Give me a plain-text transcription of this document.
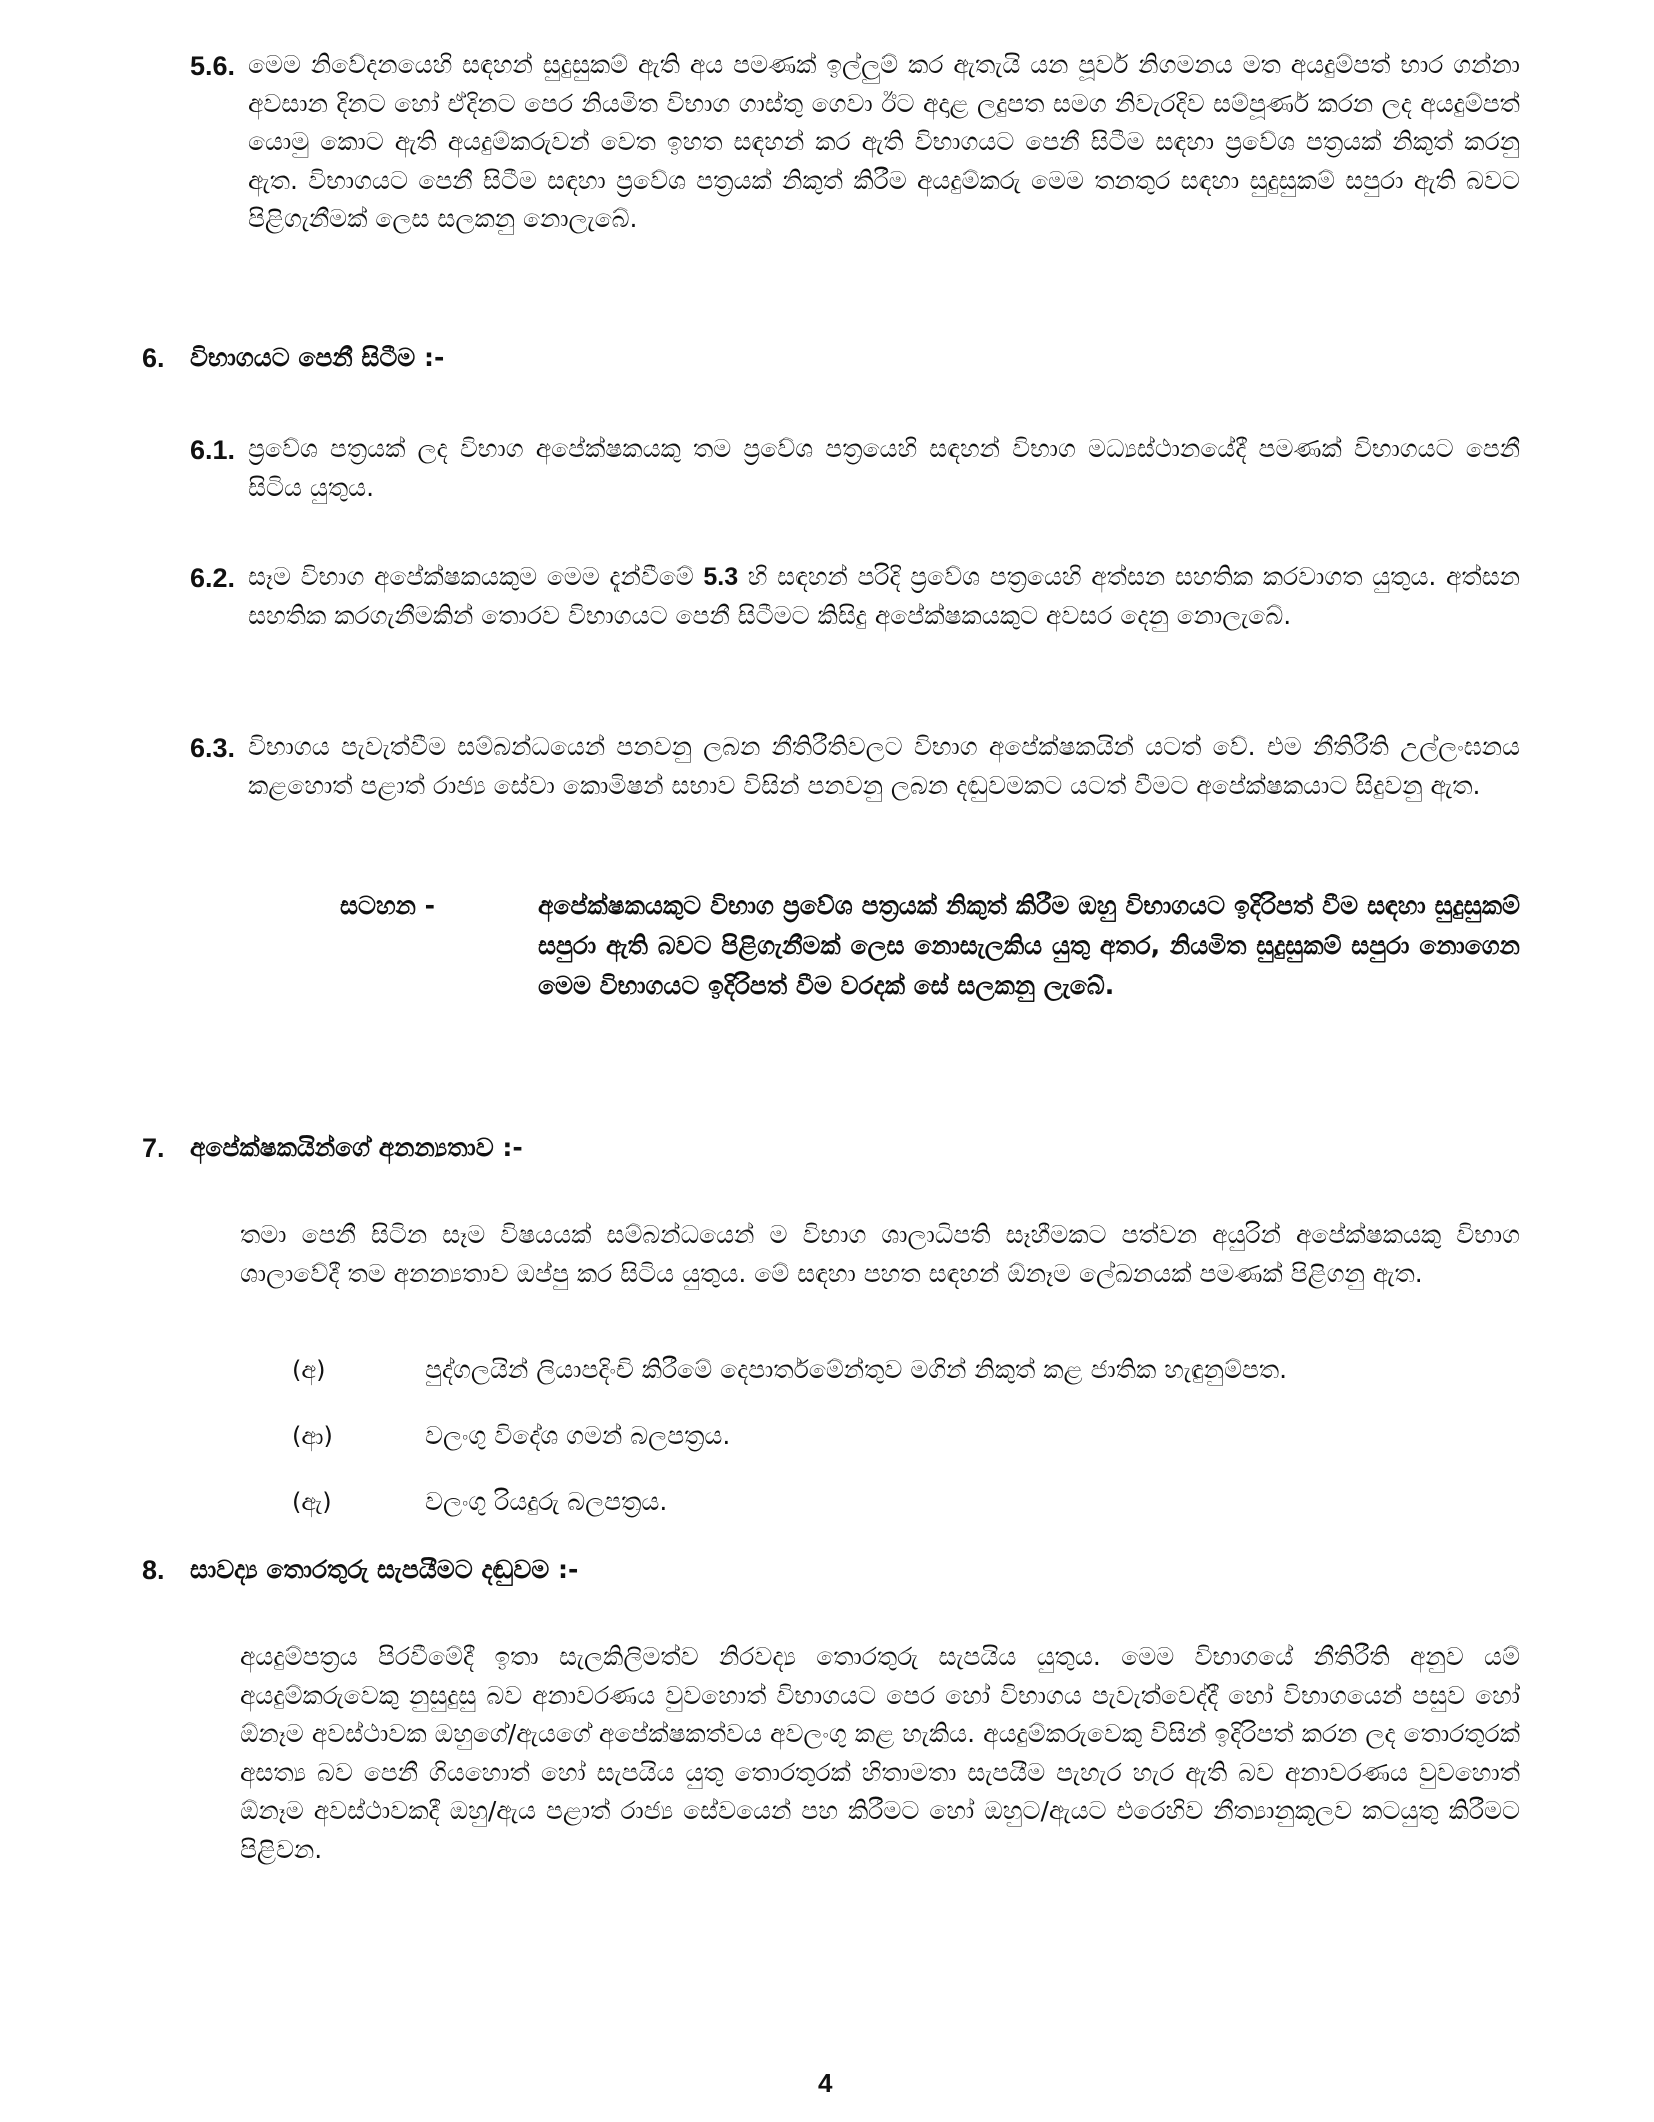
5.6. මෙම නිවේදනයෙහි සඳහන් සුදුසුකම් ඇති අය පමණක් ඉල්ලුම් කර ඇතැයි යන පූර්ව නිගමනය මත අයදුම්පත් භාර ගන්නා අවසාන දිනට හෝ ඒදිනට පෙර නියමිත විභාග ගාස්තු ගෙවා ඊට අදාළ ලදුපත සමග නිවැරදිව සම්පූර්ණ කරන ලද අයදුම්පත් යොමු කොට ඇති අයදුම්කරුවන් වෙත ඉහත සඳහන් කර ඇති විභාගයට පෙනී සිටීම සඳහා ප්‍රවේශ පත්‍රයක් නිකුත් කරනු ඇත. විභාගයට පෙනී සිටීම සඳහා ප්‍රවේශ පත්‍රයක් නිකුත් කිරීම අයදුම්කරු මෙම තනතුර සඳහා සුදුසුකම් සපුරා ඇති බවට පිළිගැනීමක් ලෙස සලකනු නොලැබේ.
6. විභාගයට පෙනී සිටීම :-
6.1. ප්‍රවේශ පත්‍රයක් ලද විභාග අපේක්ෂකයකු තම ප්‍රවේශ පත්‍රයෙහි සඳහන් විභාග මධ්‍යස්ථානයේදී පමණක් විභාගයට පෙනී සිටිය යුතුය.
6.2. සෑම විභාග අපේක්ෂකයකුම මෙම දැන්වීමේ 5.3 හි සඳහන් පරිදි ප්‍රවේශ පත්‍රයෙහි අත්සන සහතික කරවාගත යුතුය. අත්සන සහතික කරගැනීමකින් තොරව විභාගයට පෙනී සිටීමට කිසිදු අපේක්ෂකයකුට අවසර දෙනු නොලැබේ.
6.3. විභාගය පැවැත්වීම සම්බන්ධයෙන් පනවනු ලබන නීතිරීතිවලට විභාග අපේක්ෂකයින් යටත් වේ. එම නීතිරීති උල්ලංඝනය කළහොත් පළාත් රාජ්‍ය සේවා කොමිෂන් සභාව විසින් පනවනු ලබන දඬුවමකට යටත් වීමට අපේක්ෂකයාට සිදුවනු ඇත.
සටහන -	අපේක්ෂකයකුට විභාග ප්‍රවේශ පත්‍රයක් නිකුත් කිරීම ඔහු විභාගයට ඉදිරිපත් වීම සඳහා සුදුසුකම් සපුරා ඇති බවට පිළිගැනීමක් ලෙස නොසැලකිය යුතු අතර, නියමිත සුදුසුකම් සපුරා නොගෙන මෙම විභාගයට ඉදිරිපත් වීම වරදක් සේ සලකනු ලැබේ.
7. අපේක්ෂකයින්ගේ අනන්‍යතාව :-
තමා පෙනී සිටින සෑම විෂයයක් සම්බන්ධයෙන් ම විභාග ශාලාධිපති සෑහීමකට පත්වන අයුරින් අපේක්ෂකයකු විභාග ශාලාවේදී තම අනන්‍යතාව ඔප්පු කර සිටිය යුතුය. මේ සඳහා පහත සඳහන් ඕනෑම ලේඛනයක් පමණක් පිළිගනු ඇත.
(අ)	පුද්ගලයින් ලියාපදිංචි කිරීමේ දෙපාර්තමේන්තුව මගින් නිකුත් කළ ජාතික හැඳුනුම්පත.
(ආ)	වලංගු විදේශ ගමන් බලපත්‍රය.
(ඇ)	වලංගු රියදුරු බලපත්‍රය.
8. සාවද්‍ය තොරතුරු සැපයීමට දඬුවම :-
අයදුම්පත්‍රය පිරවීමේදී ඉතා සැලකිලිමත්ව නිරවද්‍ය තොරතුරු සැපයිය යුතුය. මෙම විභාගයේ නීතිරීති අනුව යම් අයදුම්කරුවෙකු නුසුදුසු බව අනාවරණය වුවහොත් විභාගයට පෙර හෝ විභාගය පැවැත්වෙද්දී හෝ විභාගයෙන් පසුව හෝ ඕනෑම අවස්ථාවක ඔහුගේ/ඇයගේ අපේක්ෂකත්වය අවලංගු කළ හැකිය. අයදුම්කරුවෙකු විසින් ඉදිරිපත් කරන ලද තොරතුරක් අසත්‍ය බව පෙනී ගියහොත් හෝ සැපයිය යුතු තොරතුරක් හිතාමතා සැපයීම පැහැර හැර ඇති බව අනාවරණය වුවහොත් ඕනෑම අවස්ථාවකදී ඔහු/ඇය පළාත් රාජ්‍ය සේවයෙන් පහ කිරීමට හෝ ඔහුට/ඇයට එරෙහිව නීත්‍යානුකූලව කටයුතු කිරීමට පිළිවන.
4
